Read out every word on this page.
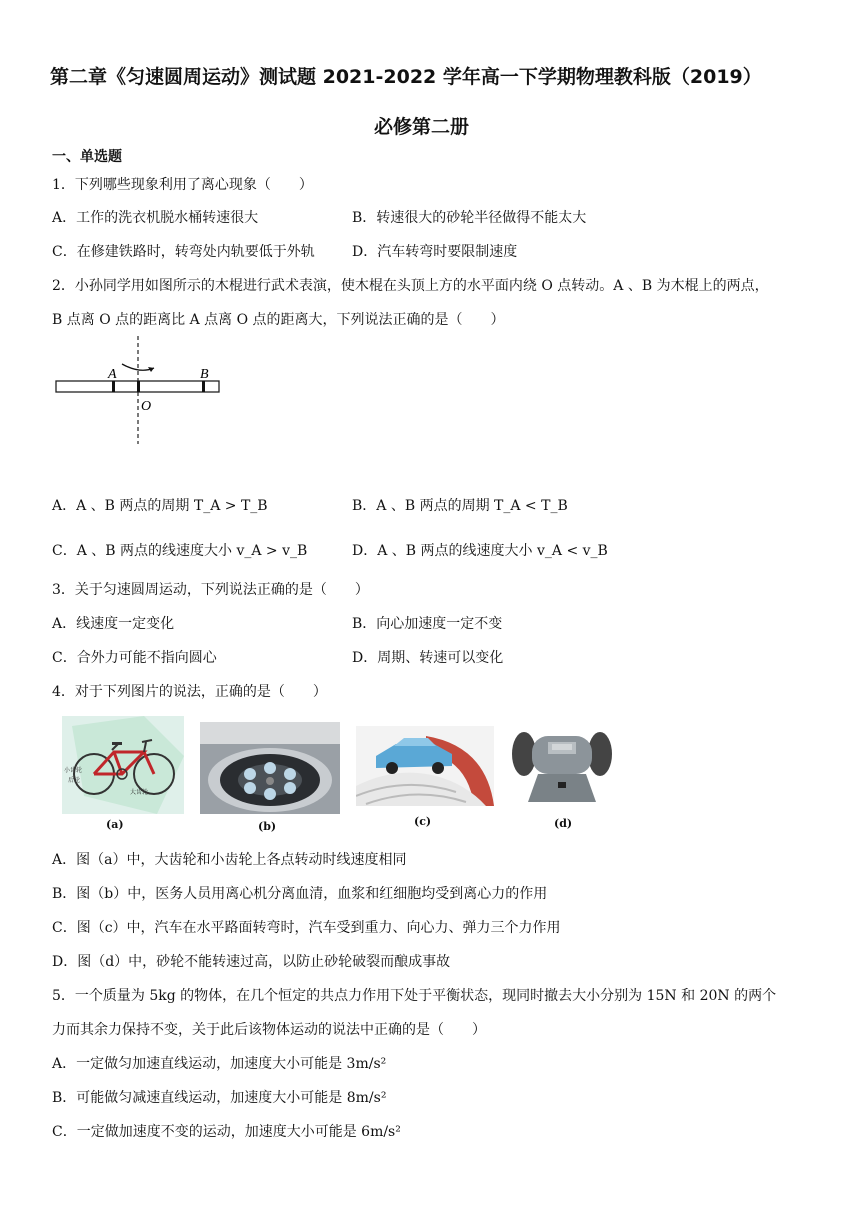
第二章《匀速圆周运动》测试题 2021-2022 学年高一下学期物理教科版（2019）
必修第二册
一、单选题
1．下列哪些现象利用了离心现象（　　）
A．工作的洗衣机脱水桶转速很大	B．转速很大的砂轮半径做得不能太大
C．在修建铁路时，转弯处内轨要低于外轨	D．汽车转弯时要限制速度
2．小孙同学用如图所示的木棍进行武术表演，使木棍在头顶上方的水平面内绕 O 点转动。A 、B 为木棍上的两点，
B 点离 O 点的距离比 A 点离 O 点的距离大，下列说法正确的是（　　）
A	B
O
A．A 、B 两点的周期 T_A > T_B	B．A 、B 两点的周期 T_A < T_B
C．A 、B 两点的线速度大小 v_A > v_B	D．A 、B 两点的线速度大小 v_A < v_B
3．关于匀速圆周运动，下列说法正确的是（　　）
A．线速度一定变化	B．向心加速度一定不变
C．合外力可能不指向圆心	D．周期、转速可以变化
4．对于下列图片的说法，正确的是（　　）
小齿轮
后轮
大齿轮
(a)	(b)	(c)	(d)
A．图（a）中，大齿轮和小齿轮上各点转动时线速度相同
B．图（b）中，医务人员用离心机分离血清，血浆和红细胞均受到离心力的作用
C．图（c）中，汽车在水平路面转弯时，汽车受到重力、向心力、弹力三个力作用
D．图（d）中，砂轮不能转速过高，以防止砂轮破裂而酿成事故
5．一个质量为 5kg 的物体，在几个恒定的共点力作用下处于平衡状态，现同时撤去大小分别为 15N 和 20N 的两个
力而其余力保持不变，关于此后该物体运动的说法中正确的是（　　）
A．一定做匀加速直线运动，加速度大小可能是 3m/s²
B．可能做匀减速直线运动，加速度大小可能是 8m/s²
C．一定做加速度不变的运动，加速度大小可能是 6m/s²
